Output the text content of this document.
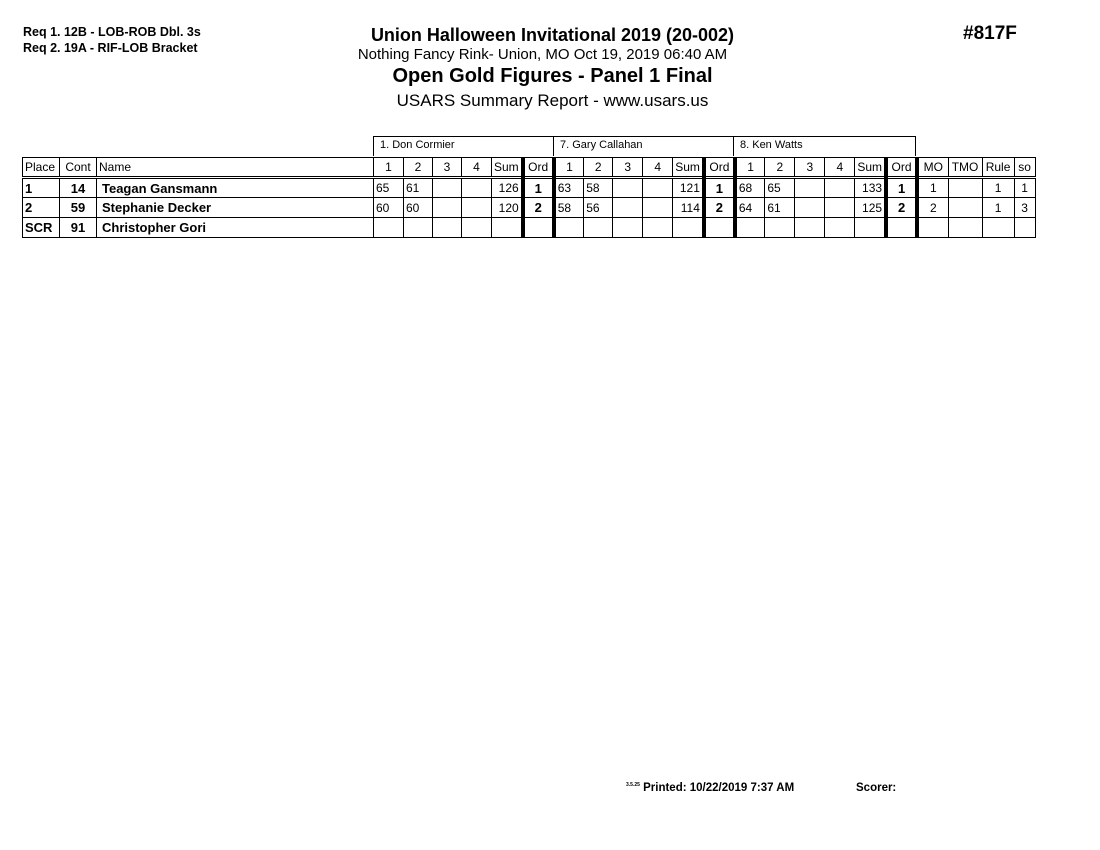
Req 1. 12B - LOB-ROB Dbl. 3s
Req 2. 19A - RIF-LOB Bracket
Union Halloween Invitational 2019 (20-002)
Nothing Fancy Rink- Union, MO Oct 19, 2019 06:40 AM
Open Gold Figures - Panel 1 Final
USARS Summary Report - www.usars.us
#817F
1. Don Cormier	7. Gary Callahan	8. Ken Watts
Place	Cont	Name	1	2	3	4	Sum	Ord	1	2	3	4	Sum	Ord	1	2	3	4	Sum	Ord	MO	TMO	Rule	so
1	14	Teagan Gansmann	65	61			126	1	63	58			121	1	68	65			133	1	1		1	1
2	59	Stephanie Decker	60	60			120	2	58	56			114	2	64	61			125	2	2		1	3
SCR	91	Christopher Gori																						
$^{3.5.25}$ Printed: 10/22/2019 7:37 AM	Scorer:
